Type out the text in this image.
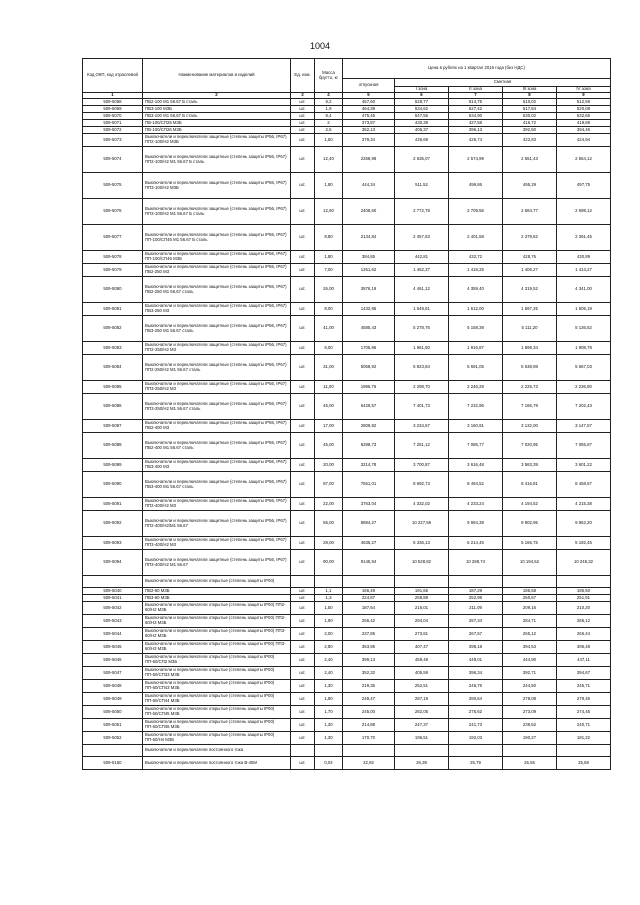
1004
Код ОКП, код отраслевой	Наименование материалов и изделий	Ед. изм.	Масса брутто, кг	Цена в рублях на 1 квартал 2016 года (без НДС)				
				отпускная	Сметная			
					I зона	II зона	III зона	IV зона
1	2	3	4	5	6	7	8	9
509-5068	ПВ2-100 М1 56.67 Б сталь	шт.	9,2	457,60	528,77	514,75	510,02	512,59
509-5069	ПВ3-100 М3Б	шт.	1,9	464,39	534,62	527,42	517,84	520,08
509-5070	ПВ3-100 М1 56.67 Б сталь	шт.	9,4	475,45	547,56	534,90	530,02	532,65
509-5071	ПВ-100/СП25 М3Б	шт.	2	373,87	430,38	427,58	416,72	418,89
509-5072	ПВ-100/СП26 М3Б	шт.	2,5	352,13	405,37	396,13	392,50	394,46
509-5073	Выключатели и переключатели защитные (степень защиты IP56, IP67) ПП2-100/Н2 М3Б	шт.	1,50	379,34	436,69	426,74	422,83	424,94
509-5074	Выключатели и переключатели защитные (степень защиты IP56, IP67) ПП2-100/Н2 М1 56.67 Б сталь	шт.	12,40	2268,98	2 635,07	2 574,99	2 551,43	2 564,12
509-5075	Выключатели и переключатели защитные (степень защиты IP56, IP67) ПП3-100/Н2 М3Б	шт.	1,80	444,34	511,52	499,86	495,29	497,75
509-5076	Выключатели и переключатели защитные (степень защиты IP56, IP67) ПП3-100/Н2 М1 56.67 Б сталь	шт.	12,60	2408,60	2 772,78	2 709,56	2 684,77	2 698,12
509-5077	Выключатели и переключатели защитные (степень защиты IP56, IP67) ПП-100/СП46 М1 56.67 Б сталь	шт.	8,80	2134,84	2 457,63	2 401,58	2 379,62	2 391,45
509-5078	Выключатели и переключатели защитные (степень защиты IP56, IP67) ПП-100/СП46 М3Б	шт.	1,80	384,65	442,81	432,72	428,76	430,89
509-5079	Выключатели и переключатели защитные (степень защиты IP56, IP67) ПВ2-250 М3	шт.	7,00	1261,62	1 452,37	1 419,25	1 406,27	1 413,27
509-5080	Выключатели и переключатели защитные (степень защиты IP56, IP67) ПВ2-250 М1 56.67 сталь	шт.	26,00	3876,19	4 461,12	4 359,40	4 319,52	4 341,00
509-5081	Выключатели и переключатели защитные (степень защиты IP56, IP67) ПВ3-250 М3	шт.	8,00	1432,95	1 649,61	1 612,00	1 597,25	1 605,19
509-5082	Выключатели и переключатели защитные (степень защиты IP56, IP67) ПВ3-250 М1 56.67 сталь	шт.	41,00	4585,43	5 278,76	5 158,39	5 111,20	5 136,62
509-5083	Выключатели и переключатели защитные (степень защиты IP56, IP67) ПП2-250/Н2 М3	шт.	9,00	1705,96	1 961,50	1 916,87	1 899,34	1 908,78
509-5084	Выключатели и переключатели защитные (степень защиты IP56, IP67) ПП2-250/Н2 М1 56.67 сталь	шт.	31,00	5058,92	5 823,84	5 691,05	5 638,98	5 667,03
509-5085	Выключатели и переключатели защитные (степень защиты IP56, IP67) ПП3-250/Н2 М3	шт.	11,00	1996,76	2 298,70	2 246,28	2 225,73	2 236,80
509-5086	Выключатели и переключатели защитные (степень защиты IP56, IP67) ПП3-250/Н2 М1 56.67 сталь	шт.	45,00	6429,57	7 401,73	7 232,96	7 166,79	7 202,43
509-5087	Выключатели и переключатели защитные (степень защиты IP56, IP67) ПВ2-400 М3	шт.	17,00	2809,82	3 234,67	3 160,91	3 132,00	3 147,57
509-5088	Выключатели и переключатели защитные (степень защиты IP56, IP67) ПВ2-400 М1 56.67 сталь	шт.	45,00	6298,73	7 251,12	7 085,77	7 020,95	7 055,87
509-5089	Выключатели и переключатели защитные (степень защиты IP56, IP67) ПВ3-400 М3	шт.	20,00	3214,78	3 700,87	3 616,48	3 583,39	3 601,22
509-5090	Выключатели и переключатели защитные (степень защиты IP56, IP67) ПВ3-400 М1 56.67 сталь	шт.	87,00	7551,01	8 692,73	8 494,52	8 416,81	8 458,67
509-5091	Выключатели и переключатели защитные (степень защиты IP56, IP67) ПП2-400/Н2 М3	шт.	22,00	3763,04	4 332,02	4 233,24	4 194,52	4 215,38
509-5092	Выключатели и переключатели защитные (степень защиты IP56, IP67) ПП2-400/Н2/М1 56.67	шт.	55,00	8884,27	10 227,59	9 994,38	9 902,95	9 952,20
509-5093	Выключатели и переключатели защитные (степень защиты IP56, IP67) ПП3-400/Н2 М3	шт.	28,00	4635,27	5 336,13	5 214,46	5 166,75	5 192,45
509-5094	Выключатели и переключатели защитные (степень защиты IP56, IP67) ПП3-400/Н2 М1 56.67	шт.	90,00	9145,94	10 528,82	10 288,74	10 194,62	10 245,32
	Выключатели и переключатели открытые (степень защиты IP00)							
509-5040	ПВ2-60 М3Б	шт.	1,1	166,49	191,66	187,29	185,58	186,50
509-5041	ПВ3-60 М3Б	шт.	1,3	224,87	258,88	252,98	250,67	251,91
509-5042	Выключатели и переключатели открытые (степень защиты IP00) ПП2-60/Н2 М3Б	шт.	1,50	187,64	216,01	211,09	209,16	210,20
509-5043	Выключатели и переключатели открытые (степень защиты IP00) ПП2-60/Н3 М3Б	шт.	1,90	255,42	294,04	287,34	284,71	286,12
509-5044	Выключатели и переключатели открытые (степень защиты IP00) ПП3-60/Н2 М3Б	шт.	2,00	237,85	273,81	267,57	265,12	266,44
509-5045	Выключатели и переключатели открытые (степень защиты IP00) ПП3-60/Н3 М3Б	шт.	2,80	353,95	407,47	398,18	394,53	396,48
509-5046	Выключатели и переключатели открытые (степень защиты IP00) ПП-60/СП2 М3Б	шт.	2,40	399,13	459,48	449,01	444,90	447,11
509-5047	Выключатели и переключатели открытые (степень защиты IP00) ПП-60/СП33 М3Б	шт.	2,40	352,32	405,59	396,34	392,71	394,67
509-5048	Выключатели и переключатели открытые (степень защиты IP00) ПП-60/СП43 М3Б	шт.	1,30	219,35	252,51	246,76	244,50	245,71
509-5049	Выключатели и переключатели открытые (степень защиты IP00) ПП-60/СП44 М3Б	шт.	1,90	249,47	287,19	280,64	278,08	279,46
509-5050	Выключатели и переключатели открытые (степень защиты IP00) ПП-60/СП45 М3Б	шт.	1,70	245,00	282,05	275,62	273,09	274,45
509-5051	Выключатели и переключатели открытые (степень защиты IP00) ПП-60/СП46 М3Б	шт.	1,30	214,88	247,37	241,73	239,52	240,71
509-5052	Выключатели и переключатели открытые (степень защиты IP00) ПП-60/Н4 М3Б	шт.	1,30	170,70	196,51	192,03	190,27	191,22
	Выключатели и переключатели постоянного тока							
509-5150	Выключатели и переключатели постоянного тока В-45М	шт.	0,04	22,92	26,39	25,79	25,55	25,68
